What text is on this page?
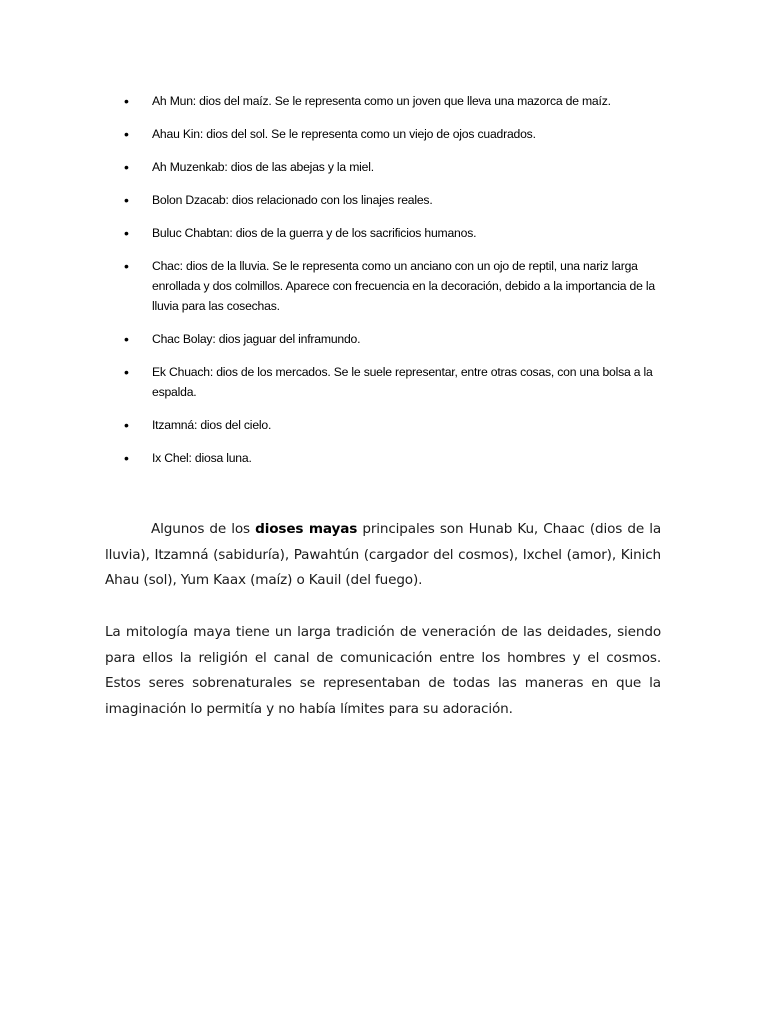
•	Ah Mun: dios del maíz. Se le representa como un joven que lleva una mazorca de maíz.
•	Ahau Kin: dios del sol. Se le representa como un viejo de ojos cuadrados.
•	Ah Muzenkab: dios de las abejas y la miel.
•	Bolon Dzacab: dios relacionado con los linajes reales.
•	Buluc Chabtan: dios de la guerra y de los sacrificios humanos.
•	Chac: dios de la lluvia. Se le representa como un anciano con un ojo de reptil, una nariz larga enrollada y dos colmillos. Aparece con frecuencia en la decoración, debido a la importancia de la lluvia para las cosechas.
•	Chac Bolay: dios jaguar del inframundo.
•	Ek Chuach: dios de los mercados. Se le suele representar, entre otras cosas, con una bolsa a la espalda.
•	Itzamná: dios del cielo.
•	Ix Chel: diosa luna.

Algunos de los dioses mayas principales son Hunab Ku, Chaac (dios de la lluvia), Itzamná (sabiduría), Pawahtún (cargador del cosmos), Ixchel (amor), Kinich Ahau (sol), Yum Kaax (maíz) o Kauil (del fuego).

La mitología maya tiene un larga tradición de veneración de las deidades, siendo para ellos la religión el canal de comunicación entre los hombres y el cosmos. Estos seres sobrenaturales se representaban de todas las maneras en que la imaginación lo permitía y no había límites para su adoración.
